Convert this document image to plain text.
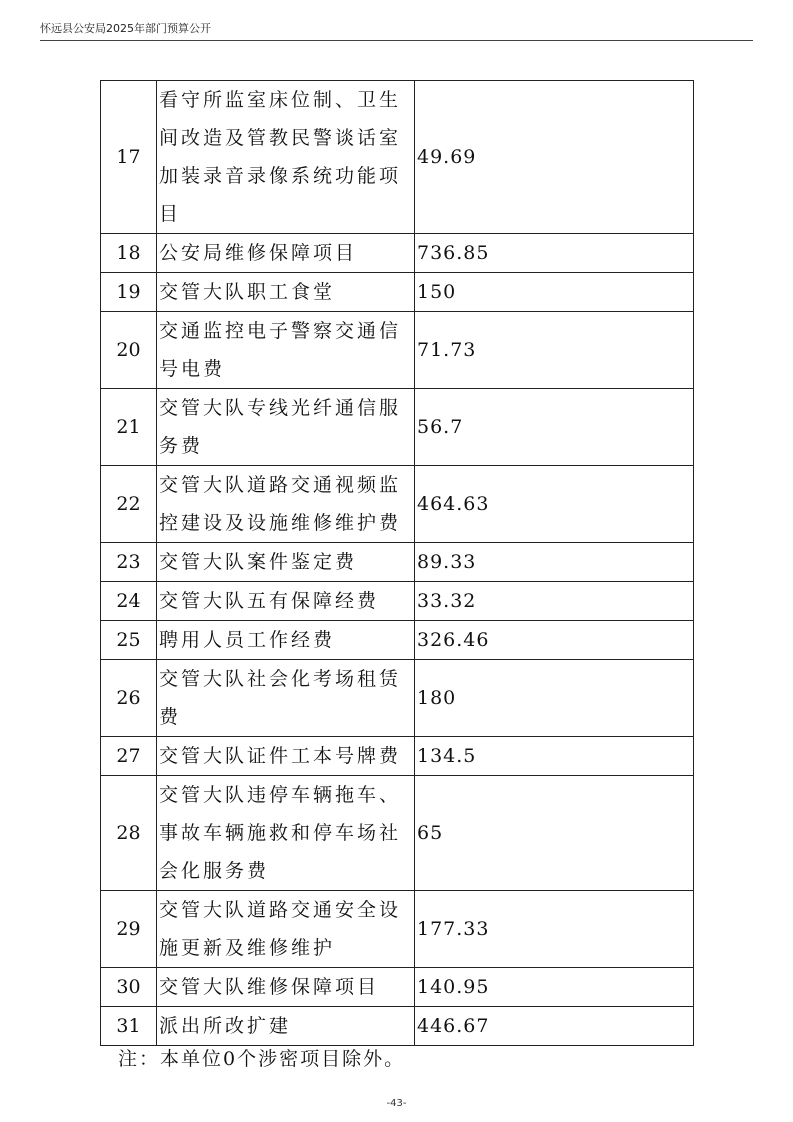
怀远县公安局2025年部门预算公开
17	看守所监室床位制、卫生
间改造及管教民警谈话室
加装录音录像系统功能项
目	49.69
18	公安局维修保障项目	736.85
19	交管大队职工食堂	150
20	交通监控电子警察交通信
号电费	71.73
21	交管大队专线光纤通信服
务费	56.7
22	交管大队道路交通视频监
控建设及设施维修维护费	464.63
23	交管大队案件鉴定费	89.33
24	交管大队五有保障经费	33.32
25	聘用人员工作经费	326.46
26	交管大队社会化考场租赁
费	180
27	交管大队证件工本号牌费	134.5
28	交管大队违停车辆拖车、
事故车辆施救和停车场社
会化服务费	65
29	交管大队道路交通安全设
施更新及维修维护	177.33
30	交管大队维修保障项目	140.95
31	派出所改扩建	446.67
注：本单位0个涉密项目除外。
-43-
